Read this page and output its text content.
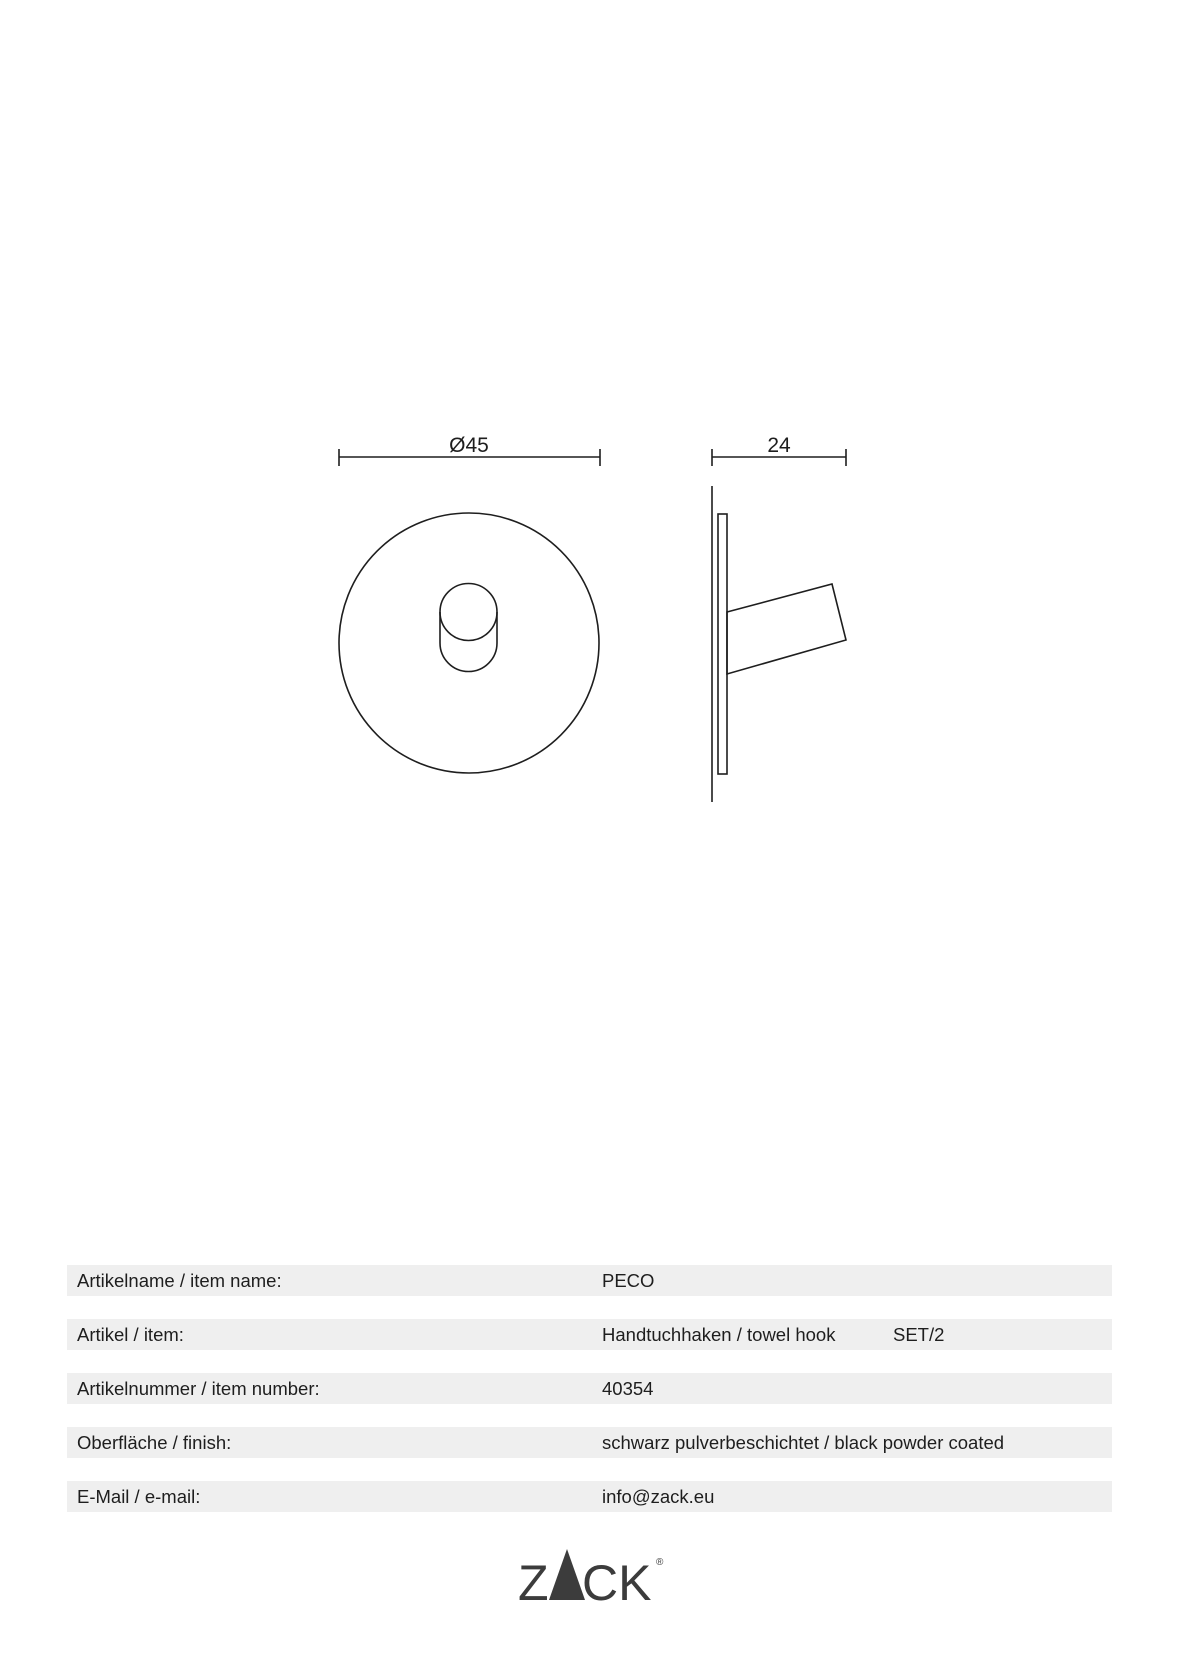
Ø45	24
Artikelname / item name:	PECO
Artikel / item:	Handtuchhaken / towel hook	SET/2
Artikelnummer / item number:	40354
Oberfläche / finish:	schwarz pulverbeschichtet / black powder coated
E-Mail / e-mail:	info@zack.eu
Z CK ®
